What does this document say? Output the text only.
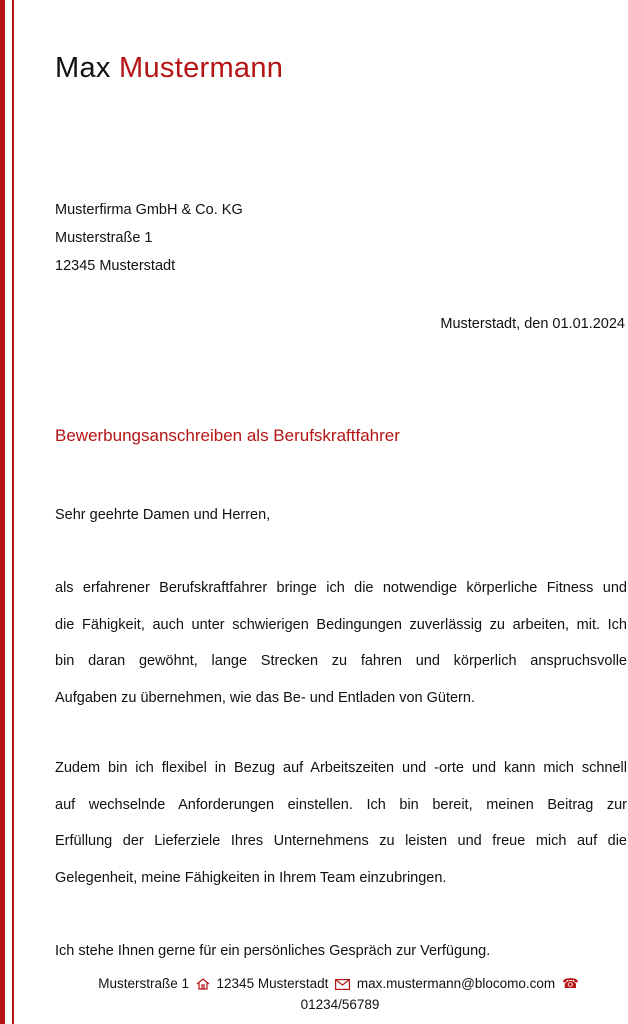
Max Mustermann
Musterfirma GmbH & Co. KG
Musterstraße 1
12345 Musterstadt
Musterstadt, den 01.01.2024
Bewerbungsanschreiben als Berufskraftfahrer
Sehr geehrte Damen und Herren,
als erfahrener Berufskraftfahrer bringe ich die notwendige körperliche Fitness und
die Fähigkeit, auch unter schwierigen Bedingungen zuverlässig zu arbeiten, mit. Ich
bin daran gewöhnt, lange Strecken zu fahren und körperlich anspruchsvolle
Aufgaben zu übernehmen, wie das Be- und Entladen von Gütern.
Zudem bin ich flexibel in Bezug auf Arbeitszeiten und -orte und kann mich schnell
auf wechselnde Anforderungen einstellen. Ich bin bereit, meinen Beitrag zur
Erfüllung der Lieferziele Ihres Unternehmens zu leisten und freue mich auf die
Gelegenheit, meine Fähigkeiten in Ihrem Team einzubringen.
Ich stehe Ihnen gerne für ein persönliches Gespräch zur Verfügung.
Musterstraße 1 12345 Musterstadt max.mustermann@blocomo.com ☎
01234/56789
